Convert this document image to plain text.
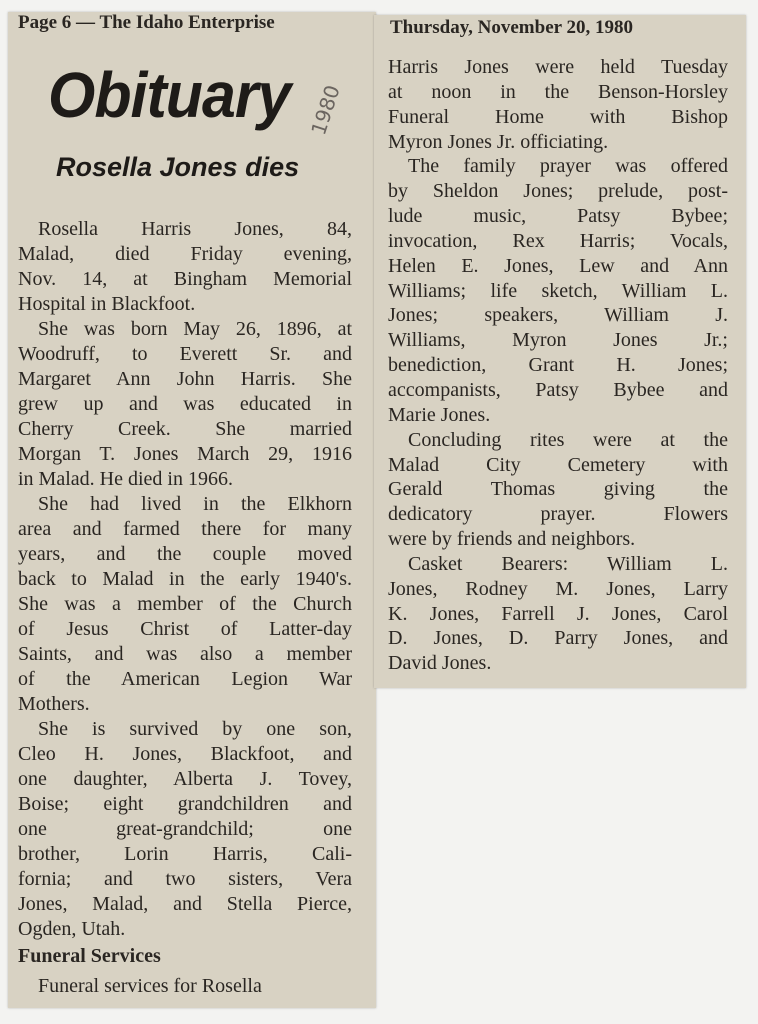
Page 6 — The Idaho Enterprise	Thursday, November 20, 1980
Obituary 1980
Rosella Jones dies
Rosella Harris Jones, 84,
Malad, died Friday evening,
Nov. 14, at Bingham Memorial
Hospital in Blackfoot.
She was born May 26, 1896, at
Woodruff, to Everett Sr. and
Margaret Ann John Harris. She
grew up and was educated in
Cherry Creek. She married
Morgan T. Jones March 29, 1916
in Malad. He died in 1966.
She had lived in the Elkhorn
area and farmed there for many
years, and the couple moved
back to Malad in the early 1940's.
She was a member of the Church
of Jesus Christ of Latter-day
Saints, and was also a member
of the American Legion War
Mothers.
She is survived by one son,
Cleo H. Jones, Blackfoot, and
one daughter, Alberta J. Tovey,
Boise; eight grandchildren and
one great-grandchild; one
brother, Lorin Harris, Cali-
fornia; and two sisters, Vera
Jones, Malad, and Stella Pierce,
Ogden, Utah.
Funeral Services
Funeral services for Rosella
Harris Jones were held Tuesday
at noon in the Benson-Horsley
Funeral Home with Bishop
Myron Jones Jr. officiating.
The family prayer was offered
by Sheldon Jones; prelude, post-
lude music, Patsy Bybee;
invocation, Rex Harris; Vocals,
Helen E. Jones, Lew and Ann
Williams; life sketch, William L.
Jones; speakers, William J.
Williams, Myron Jones Jr.;
benediction, Grant H. Jones;
accompanists, Patsy Bybee and
Marie Jones.
Concluding rites were at the
Malad City Cemetery with
Gerald Thomas giving the
dedicatory prayer. Flowers
were by friends and neighbors.
Casket Bearers: William L.
Jones, Rodney M. Jones, Larry
K. Jones, Farrell J. Jones, Carol
D. Jones, D. Parry Jones, and
David Jones.
